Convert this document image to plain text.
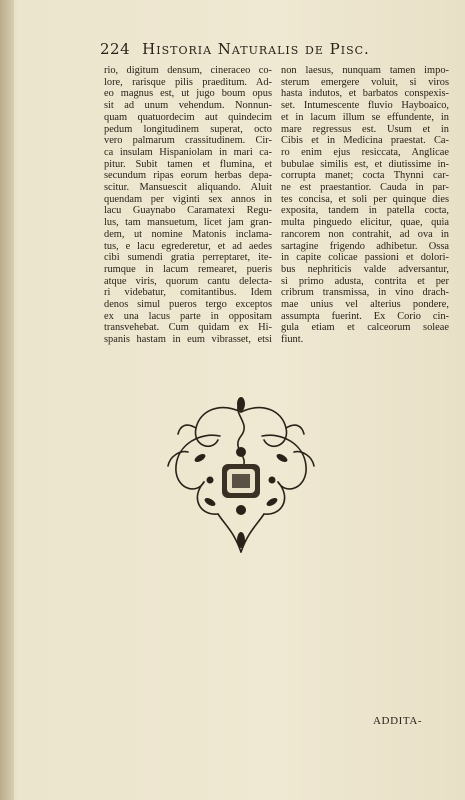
224 Historia Naturalis de Pisc.
rio, digitum densum, cineraceo co-
lore, rarisque pilis praeditum. Ad-
eo magnus est, ut jugo boum opus
sit ad unum vehendum. Nonnun-
quam quatuordecim aut quindecim
pedum longitudinem superat, octo
vero palmarum crassitudinem. Cir-
ca insulam Hispaniolam in mari ca-
pitur. Subit tamen et flumina, et
secundum ripas eorum herbas depa-
scitur. Mansuescit aliquando. Aluit
quendam per viginti sex annos in
lacu Guaynabo Caramatexi Regu-
lus, tam mansuetum, licet jam gran-
dem, ut nomine Matonis inclama-
tus, e lacu egrederetur, et ad aedes
cibi sumendi gratia perreptaret, ite-
rumque in lacum remearet, pueris
atque viris, quorum cantu delecta-
ri videbatur, comitantibus. Idem
denos simul pueros tergo exceptos
ex una lacus parte in oppositam
transvehebat. Cum quidam ex Hi-
spanis hastam in eum vibrasset, etsi
non laesus, nunquam tamen impo-
sterum emergere voluit, si viros
hasta indutos, et barbatos conspexis-
set. Intumescente fluvio Hayboaico,
et in lacum illum se effundente, in
mare regressus est. Usum et in
Cibis et in Medicina praestat. Ca-
ro enim ejus resiccata, Anglicae
bubulae similis est, et diutissime in-
corrupta manet; cocta Thynni car-
ne est praestantior. Cauda in par-
tes concisa, et soli per quinque dies
exposita, tandem in patella cocta,
multa pinguedo elicitur, quae, quia
rancorem non contrahit, ad ova in
sartagine frigendo adhibetur. Ossa
in capite colicae passioni et dolori-
bus nephriticis valde adversantur,
si primo adusta, contrita et per
cribrum transmissa, in vino drach-
mae unius vel alterius pondere,
assumpta fuerint. Ex Corio cin-
gula etiam et calceorum soleae
fiunt.
ADDITA-
